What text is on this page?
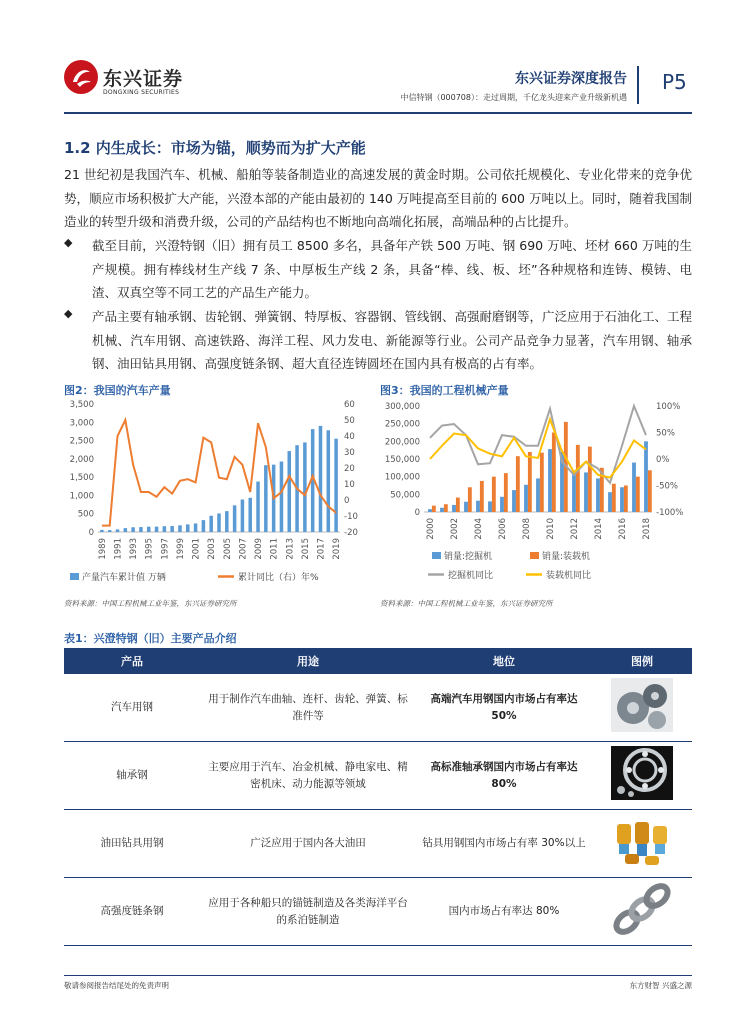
东兴证券
DONGXING SECURITIES
东兴证券深度报告
中信特钢（000708）：走过周期，千亿龙头迎来产业升级新机遇
P5
1.2 内生成长：市场为锚，顺势而为扩大产能
21 世纪初是我国汽车、机械、船舶等装备制造业的高速发展的黄金时期。公司依托规模化、专业化带来的竞争优势，顺应市场积极扩大产能，兴澄本部的产能由最初的 140 万吨提高至目前的 600 万吨以上。同时，随着我国制造业的转型升级和消费升级，公司的产品结构也不断地向高端化拓展，高端品种的占比提升。
◆ 截至目前，兴澄特钢（旧）拥有员工 8500 多名，具备年产铁 500 万吨、钢 690 万吨、坯材 660 万吨的生产规模。拥有棒线材生产线 7 条、中厚板生产线 2 条，具备“棒、线、板、坯”各种规格和连铸、模铸、电渣、双真空等不同工艺的产品生产能力。
◆ 产品主要有轴承钢、齿轮钢、弹簧钢、特厚板、容器钢、管线钢、高强耐磨钢等，广泛应用于石油化工、工程机械、汽车用钢、高速铁路、海洋工程、风力发电、新能源等行业。公司产品竞争力显著，汽车用钢、轴承钢、油田钻具用钢、高强度链条钢、超大直径连铸圆坯在国内具有极高的占有率。
图2：我国的汽车产量	图3：我国的工程机械产量
0
500
1,000
1,500
2,000
2,500
3,000
3,500
-20
-10
0
10
20
30
40
50
60
1989 1991 1993 1995 1997 1999 2001 2003 2005 2007 2009 2011 2013 2015 2017 2019
产量汽车累计值 万辆	累计同比（右）年%
0
50,000
100,000
150,000
200,000
250,000
300,000
-100%
-50%
0%
50%
100%
2000 2002 2004 2006 2008 2010 2012 2014 2016 2018
销量:挖掘机	销量:装载机
挖掘机同比	装载机同比
资料来源：中国工程机械工业年鉴，东兴证券研究所	资料来源：中国工程机械工业年鉴，东兴证券研究所
表1：兴澄特钢（旧）主要产品介绍
产品	用途	地位	图例
汽车用钢	用于制作汽车曲轴、连杆、齿轮、弹簧、标准件等	高端汽车用钢国内市场占有率达 50%	
轴承钢	主要应用于汽车、冶金机械、静电家电、精密机床、动力能源等领域	高标准轴承钢国内市场占有率达 80%	
油田钻具用钢	广泛应用于国内各大油田	钻具用钢国内市场占有率 30%以上	
高强度链条钢	应用于各种船只的锚链制造及各类海洋平台的系泊链制造	国内市场占有率达 80%	
敬请参阅报告结尾处的免责声明	东方财智 兴盛之源
